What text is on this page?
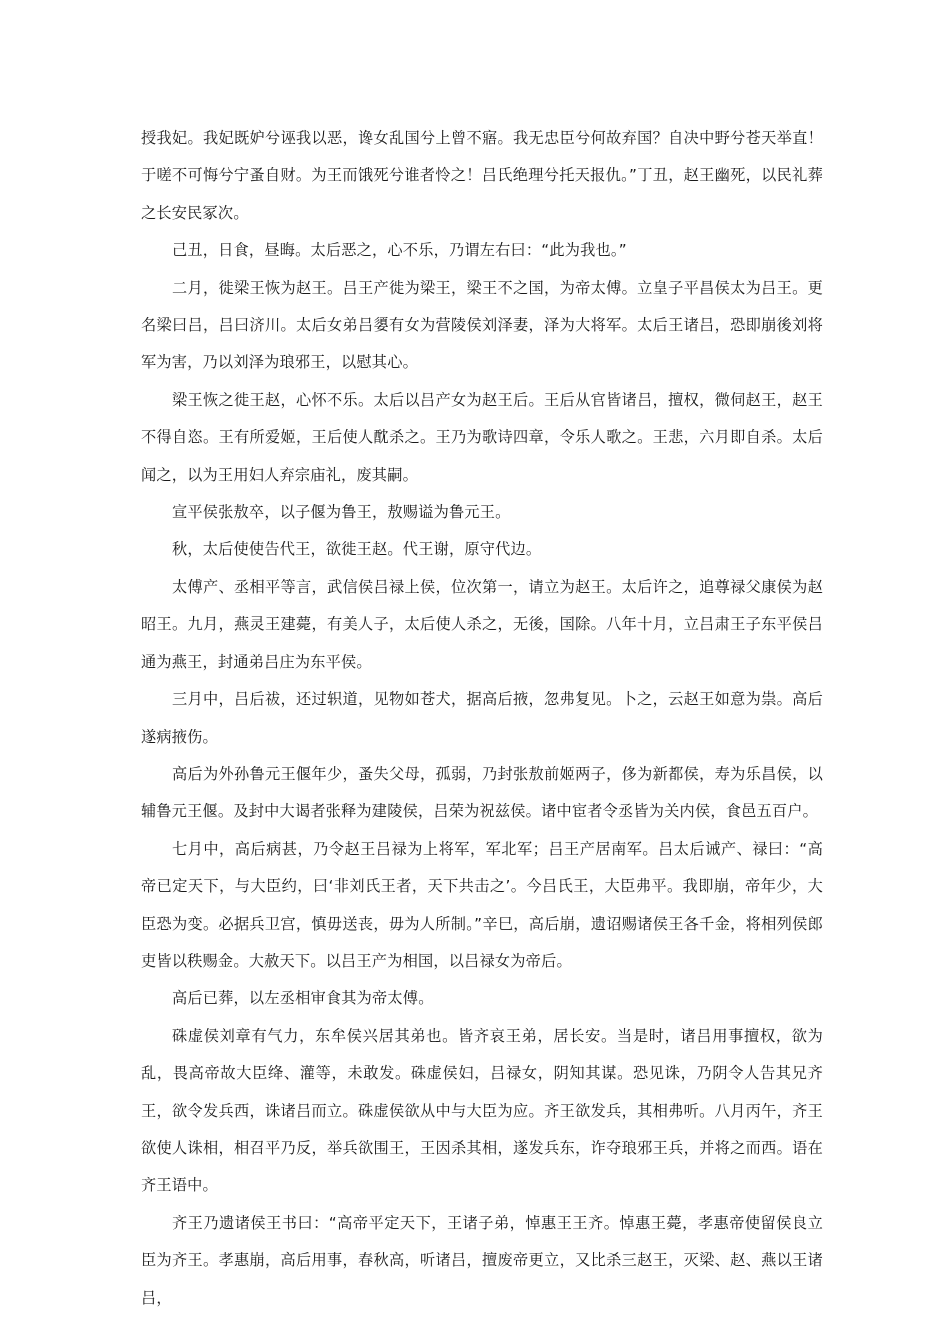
授我妃。我妃既妒兮诬我以恶，谗女乱国兮上曾不寤。我无忠臣兮何故弃国？自决中野兮苍天举直！于嗟不可悔兮宁蚤自财。为王而饿死兮谁者怜之！吕氏绝理兮托天报仇。”丁丑，赵王幽死，以民礼葬之长安民冢次。

己丑，日食，昼晦。太后恶之，心不乐，乃谓左右曰：“此为我也。”

二月，徙梁王恢为赵王。吕王产徙为梁王，梁王不之国，为帝太傅。立皇子平昌侯太为吕王。更名梁曰吕，吕曰济川。太后女弟吕嬃有女为营陵侯刘泽妻，泽为大将军。太后王诸吕，恐即崩後刘将军为害，乃以刘泽为琅邪王，以慰其心。

梁王恢之徙王赵，心怀不乐。太后以吕产女为赵王后。王后从官皆诸吕，擅权，微伺赵王，赵王不得自恣。王有所爱姬，王后使人酖杀之。王乃为歌诗四章，令乐人歌之。王悲，六月即自杀。太后闻之，以为王用妇人弃宗庙礼，废其嗣。

宣平侯张敖卒，以子偃为鲁王，敖赐谥为鲁元王。

秋，太后使使告代王，欲徙王赵。代王谢，原守代边。

太傅产、丞相平等言，武信侯吕禄上侯，位次第一，请立为赵王。太后许之，追尊禄父康侯为赵昭王。九月，燕灵王建薨，有美人子，太后使人杀之，无後，国除。八年十月，立吕肃王子东平侯吕通为燕王，封通弟吕庄为东平侯。

三月中，吕后祓，还过轵道，见物如苍犬，据高后掖，忽弗复见。卜之，云赵王如意为祟。高后遂病掖伤。

高后为外孙鲁元王偃年少，蚤失父母，孤弱，乃封张敖前姬两子，侈为新都侯，寿为乐昌侯，以辅鲁元王偃。及封中大谒者张释为建陵侯，吕荣为祝兹侯。诸中宦者令丞皆为关内侯，食邑五百户。

七月中，高后病甚，乃令赵王吕禄为上将军，军北军；吕王产居南军。吕太后诫产、禄曰：“高帝已定天下，与大臣约，曰‘非刘氏王者，天下共击之’。今吕氏王，大臣弗平。我即崩，帝年少，大臣恐为变。必据兵卫宫，慎毋送丧，毋为人所制。”辛巳，高后崩，遗诏赐诸侯王各千金，将相列侯郎吏皆以秩赐金。大赦天下。以吕王产为相国，以吕禄女为帝后。

高后已葬，以左丞相审食其为帝太傅。

硃虚侯刘章有气力，东牟侯兴居其弟也。皆齐哀王弟，居长安。当是时，诸吕用事擅权，欲为乱，畏高帝故大臣绛、灌等，未敢发。硃虚侯妇，吕禄女，阴知其谋。恐见诛，乃阴令人告其兄齐王，欲令发兵西，诛诸吕而立。硃虚侯欲从中与大臣为应。齐王欲发兵，其相弗听。八月丙午，齐王欲使人诛相，相召平乃反，举兵欲围王，王因杀其相，遂发兵东，诈夺琅邪王兵，并将之而西。语在齐王语中。

齐王乃遗诸侯王书曰：“高帝平定天下，王诸子弟，悼惠王王齐。悼惠王薨，孝惠帝使留侯良立臣为齐王。孝惠崩，高后用事，春秋高，听诸吕，擅废帝更立，又比杀三赵王，灭梁、赵、燕以王诸吕，
